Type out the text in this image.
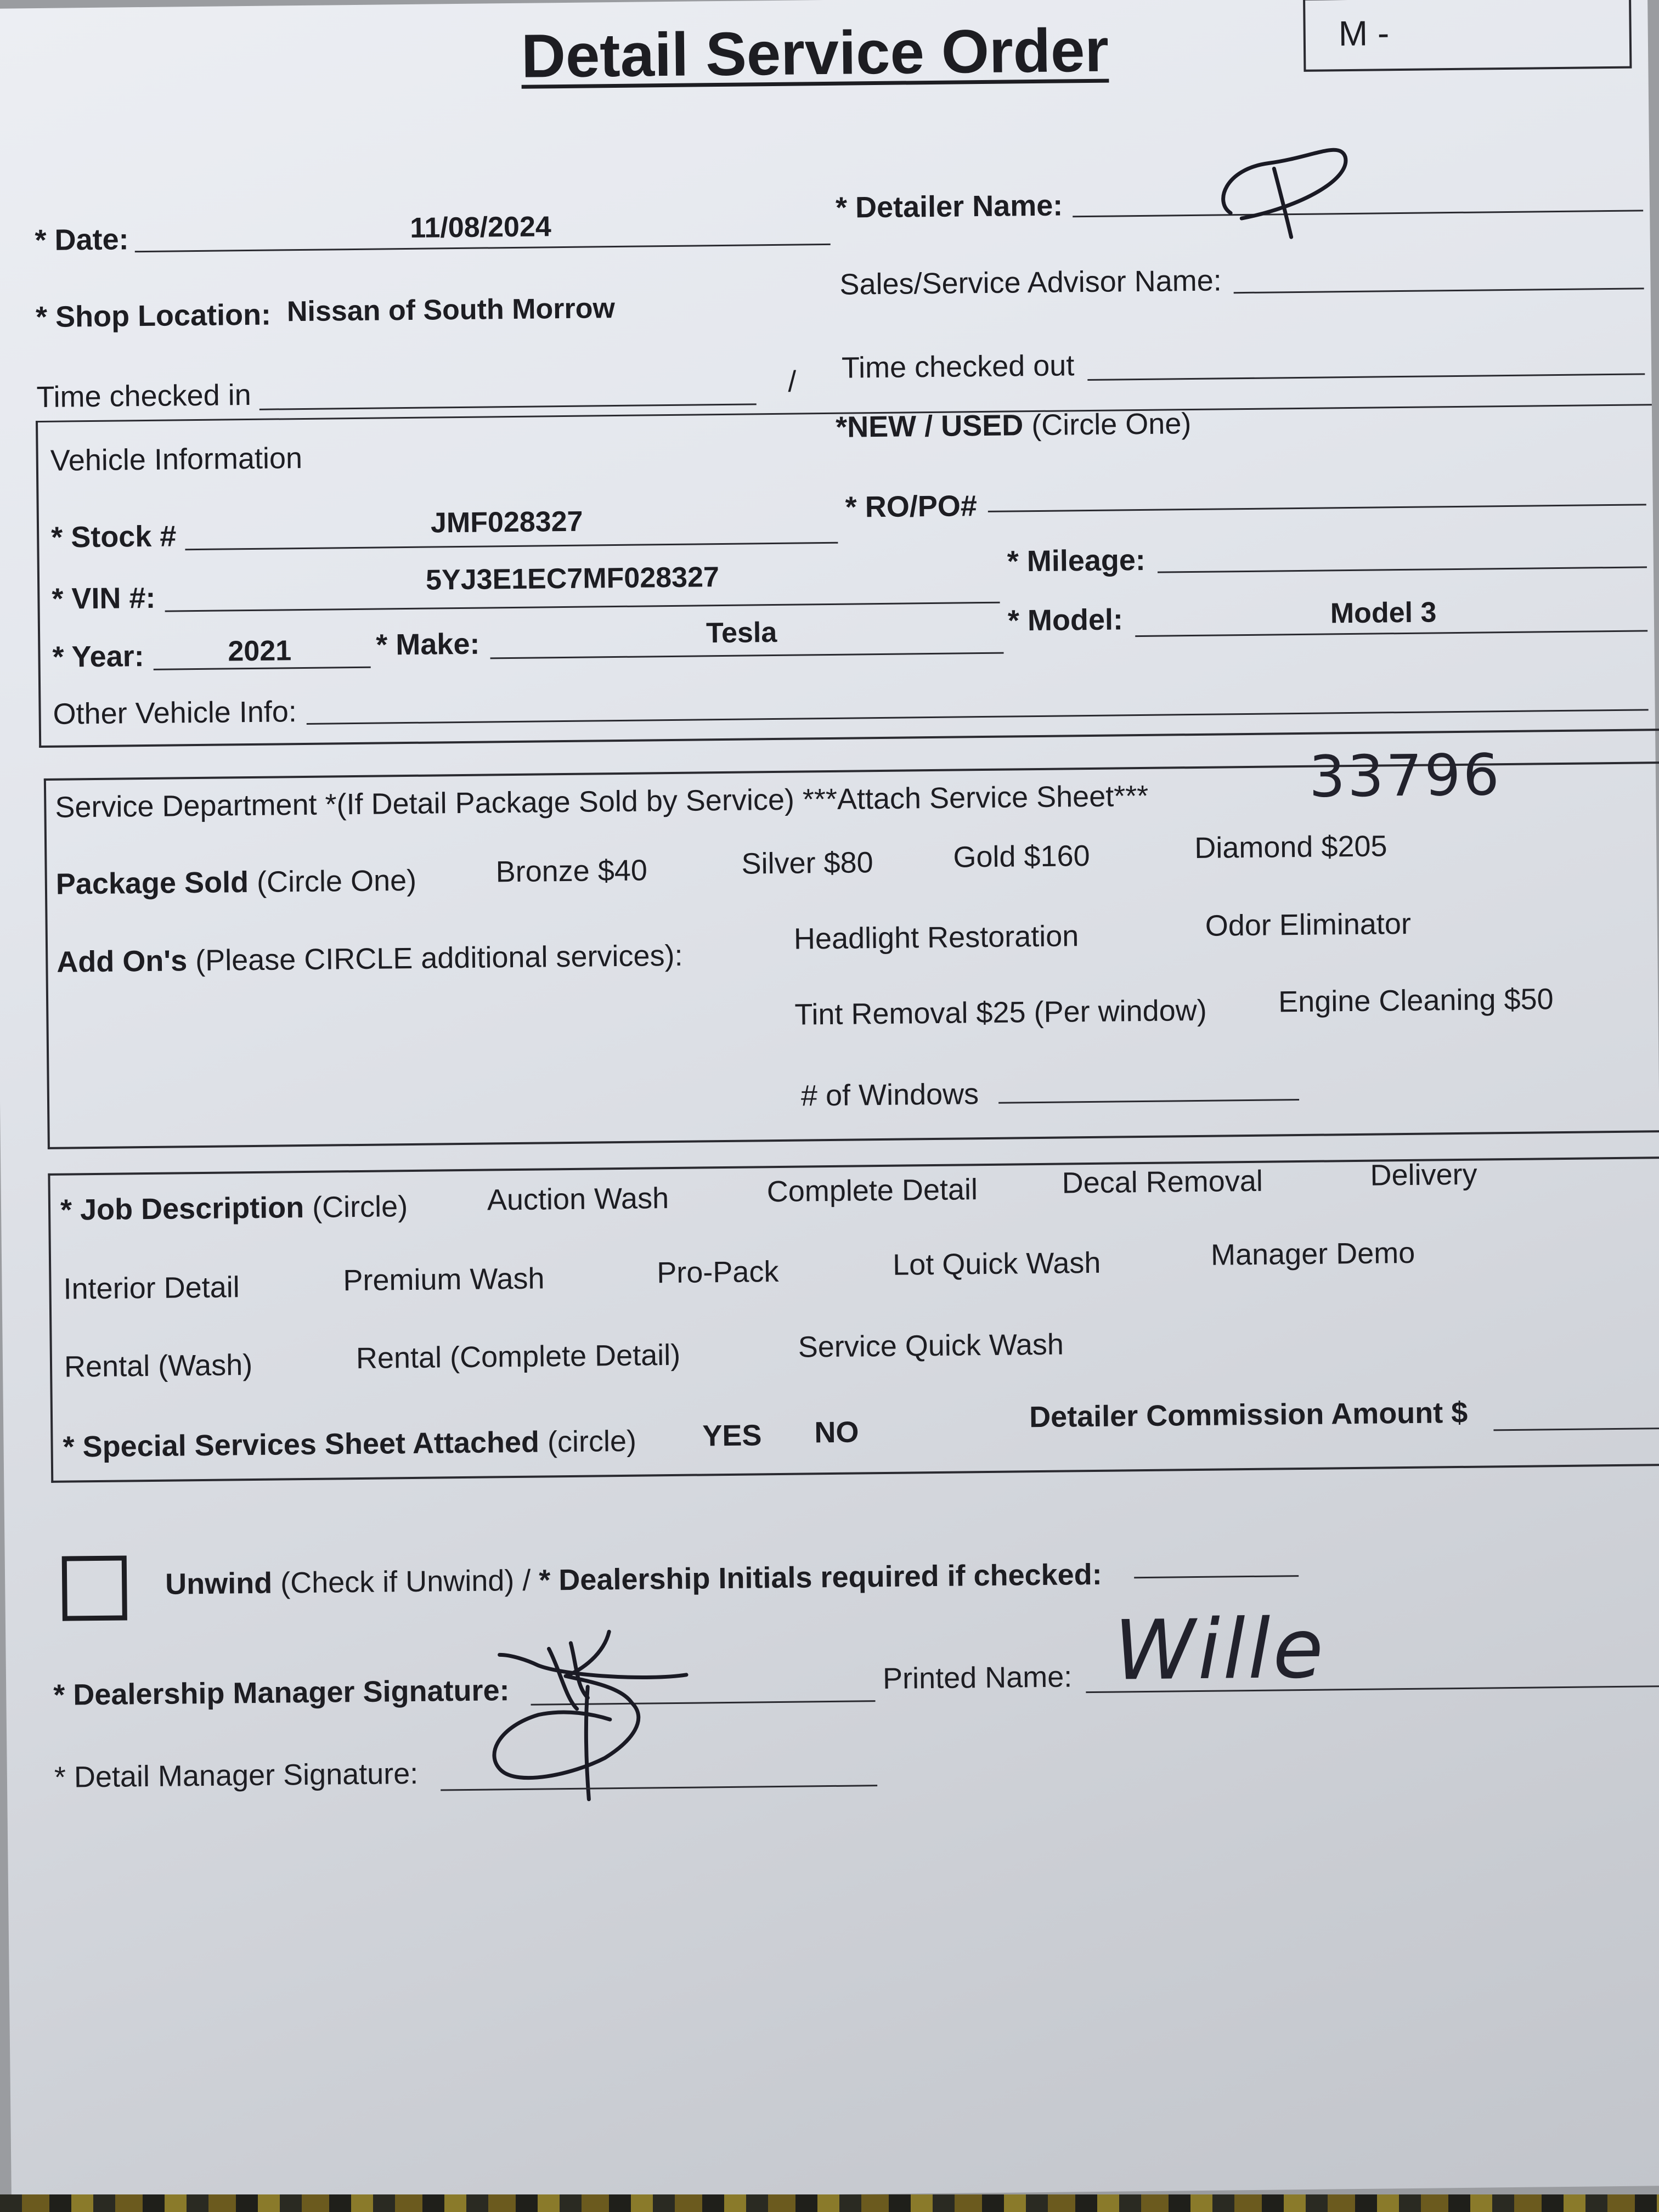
Detail Service Order	M -
* Date:	11/08/2024
* Detailer Name:
* Shop Location: Nissan of South Morrow
Sales/Service Advisor Name:
Time checked in	/ Time checked out
Vehicle Information
*NEW / USED (Circle One)
* Stock #	JMF028327	* RO/PO#
* VIN #:
5YJ3E1EC7MF028327
* Mileage:
* Year:	2021	* Make:	Tesla	* Model:	Model 3
Other Vehicle Info:
Service Department *(If Detail Package Sold by Service) ***Attach Service Sheet***	33796
Package Sold (Circle One)	Bronze $40	Silver $80	Gold $160	Diamond $205
Add On's (Please CIRCLE additional services):
Headlight Restoration	Odor Eliminator
Tint Removal $25 (Per window) Engine Cleaning $50
# of Windows
* Job Description (Circle)	Auction Wash	Complete Detail	Decal Removal	Delivery
Interior Detail	Premium Wash	Pro-Pack	Lot Quick Wash	Manager Demo
Rental (Wash)	Rental (Complete Detail)	Service Quick Wash
* Special Services Sheet Attached (circle) YES NO	Detailer Commission Amount $
Unwind (Check if Unwind) / * Dealership Initials required if checked:
* Dealership Manager Signature:	Printed Name: Wille
* Detail Manager Signature:
